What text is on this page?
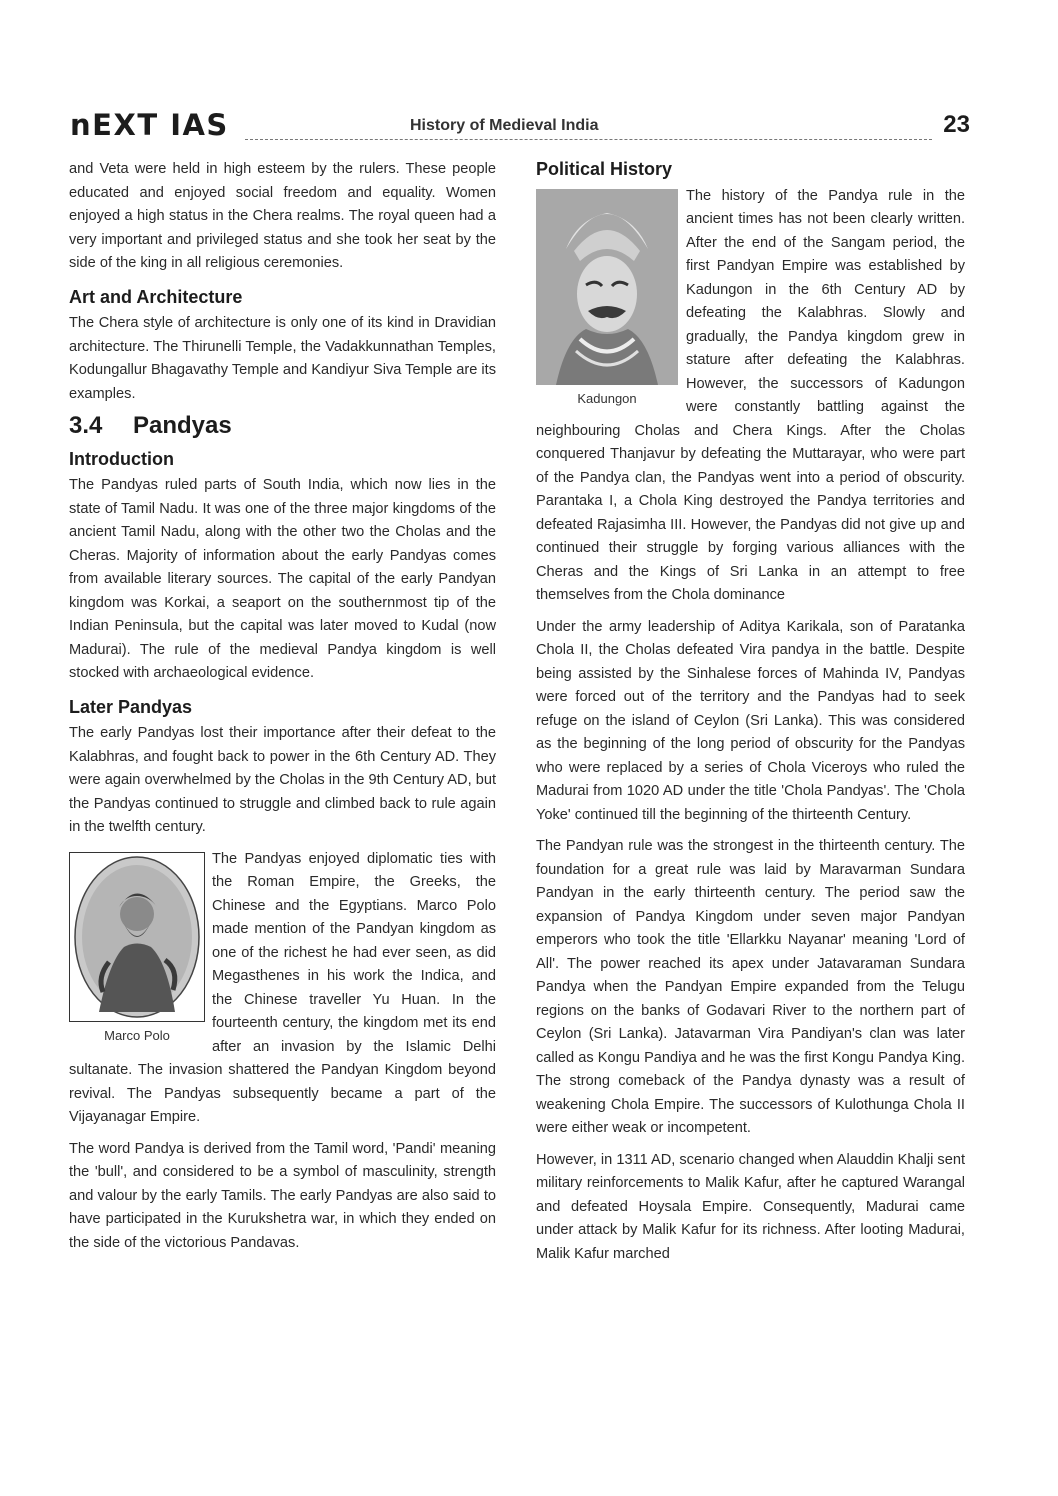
nEXT IAS	History of Medieval India	23

and Veta were held in high esteem by the rulers. These people educated and enjoyed social freedom and equality. Women enjoyed a high status in the Chera realms. The royal queen had a very important and privileged status and she took her seat by the side of the king in all religious ceremonies.

Art and Architecture

The Chera style of architecture is only one of its kind in Dravidian architecture. The Thirunelli Temple, the Vadakkunnathan Temples, Kodungallur Bhagavathy Temple and Kandiyur Siva Temple are its examples.

3.4 Pandyas
Introduction

The Pandyas ruled parts of South India, which now lies in the state of Tamil Nadu. It was one of the three major kingdoms of the ancient Tamil Nadu, along with the other two the Cholas and the Cheras. Majority of information about the early Pandyas comes from available literary sources. The capital of the early Pandyan kingdom was Korkai, a seaport on the southernmost tip of the Indian Peninsula, but the capital was later moved to Kudal (now Madurai). The rule of the medieval Pandya kingdom is well stocked with archaeological evidence.

Later Pandyas

The early Pandyas lost their importance after their defeat to the Kalabhras, and fought back to power in the 6th Century AD. They were again overwhelmed by the Cholas in the 9th Century AD, but the Pandyas continued to struggle and climbed back to rule again in the twelfth century.

Marco Polo

The Pandyas enjoyed diplomatic ties with the Roman Empire, the Greeks, the Chinese and the Egyptians. Marco Polo made mention of the Pandyan kingdom as one of the richest he had ever seen, as did Megasthenes in his work the Indica, and the Chinese traveller Yu Huan. In the fourteenth century, the kingdom met its end after an invasion by the Islamic Delhi sultanate. The invasion shattered the Pandyan Kingdom beyond revival. The Pandyas subsequently became a part of the Vijayanagar Empire.

The word Pandya is derived from the Tamil word, 'Pandi' meaning the 'bull', and considered to be a symbol of masculinity, strength and valour by the early Tamils. The early Pandyas are also said to have participated in the Kurukshetra war, in which they ended on the side of the victorious Pandavas.

Political History
Kadungon

The history of the Pandya rule in the ancient times has not been clearly written. After the end of the Sangam period, the first Pandyan Empire was established by Kadungon in the 6th Century AD by defeating the Kalabhras. Slowly and gradually, the Pandya kingdom grew in stature after defeating the Kalabhras. However, the successors of Kadungon were constantly battling against the neighbouring Cholas and Chera Kings. After the Cholas conquered Thanjavur by defeating the Muttarayar, who were part of the Pandya clan, the Pandyas went into a period of obscurity. Parantaka I, a Chola King destroyed the Pandya territories and defeated Rajasimha III. However, the Pandyas did not give up and continued their struggle by forging various alliances with the Cheras and the Kings of Sri Lanka in an attempt to free themselves from the Chola dominance

Under the army leadership of Aditya Karikala, son of Paratanka Chola II, the Cholas defeated Vira pandya in the battle. Despite being assisted by the Sinhalese forces of Mahinda IV, Pandyas were forced out of the territory and the Pandyas had to seek refuge on the island of Ceylon (Sri Lanka). This was considered as the beginning of the long period of obscurity for the Pandyas who were replaced by a series of Chola Viceroys who ruled the Madurai from 1020 AD under the title 'Chola Pandyas'. The 'Chola Yoke' continued till the beginning of the thirteenth Century.

The Pandyan rule was the strongest in the thirteenth century. The foundation for a great rule was laid by Maravarman Sundara Pandyan in the early thirteenth century. The period saw the expansion of Pandya Kingdom under seven major Pandyan emperors who took the title 'Ellarkku Nayanar' meaning 'Lord of All'. The power reached its apex under Jatavaraman Sundara Pandya when the Pandyan Empire expanded from the Telugu regions on the banks of Godavari River to the northern part of Ceylon (Sri Lanka). Jatavarman Vira Pandiyan's clan was later called as Kongu Pandiya and he was the first Kongu Pandya King. The strong comeback of the Pandya dynasty was a result of weakening Chola Empire. The successors of Kulothunga Chola II were either weak or incompetent.

However, in 1311 AD, scenario changed when Alauddin Khalji sent military reinforcements to Malik Kafur, after he captured Warangal and defeated Hoysala Empire. Consequently, Madurai came under attack by Malik Kafur for its richness. After looting Madurai, Malik Kafur marched
